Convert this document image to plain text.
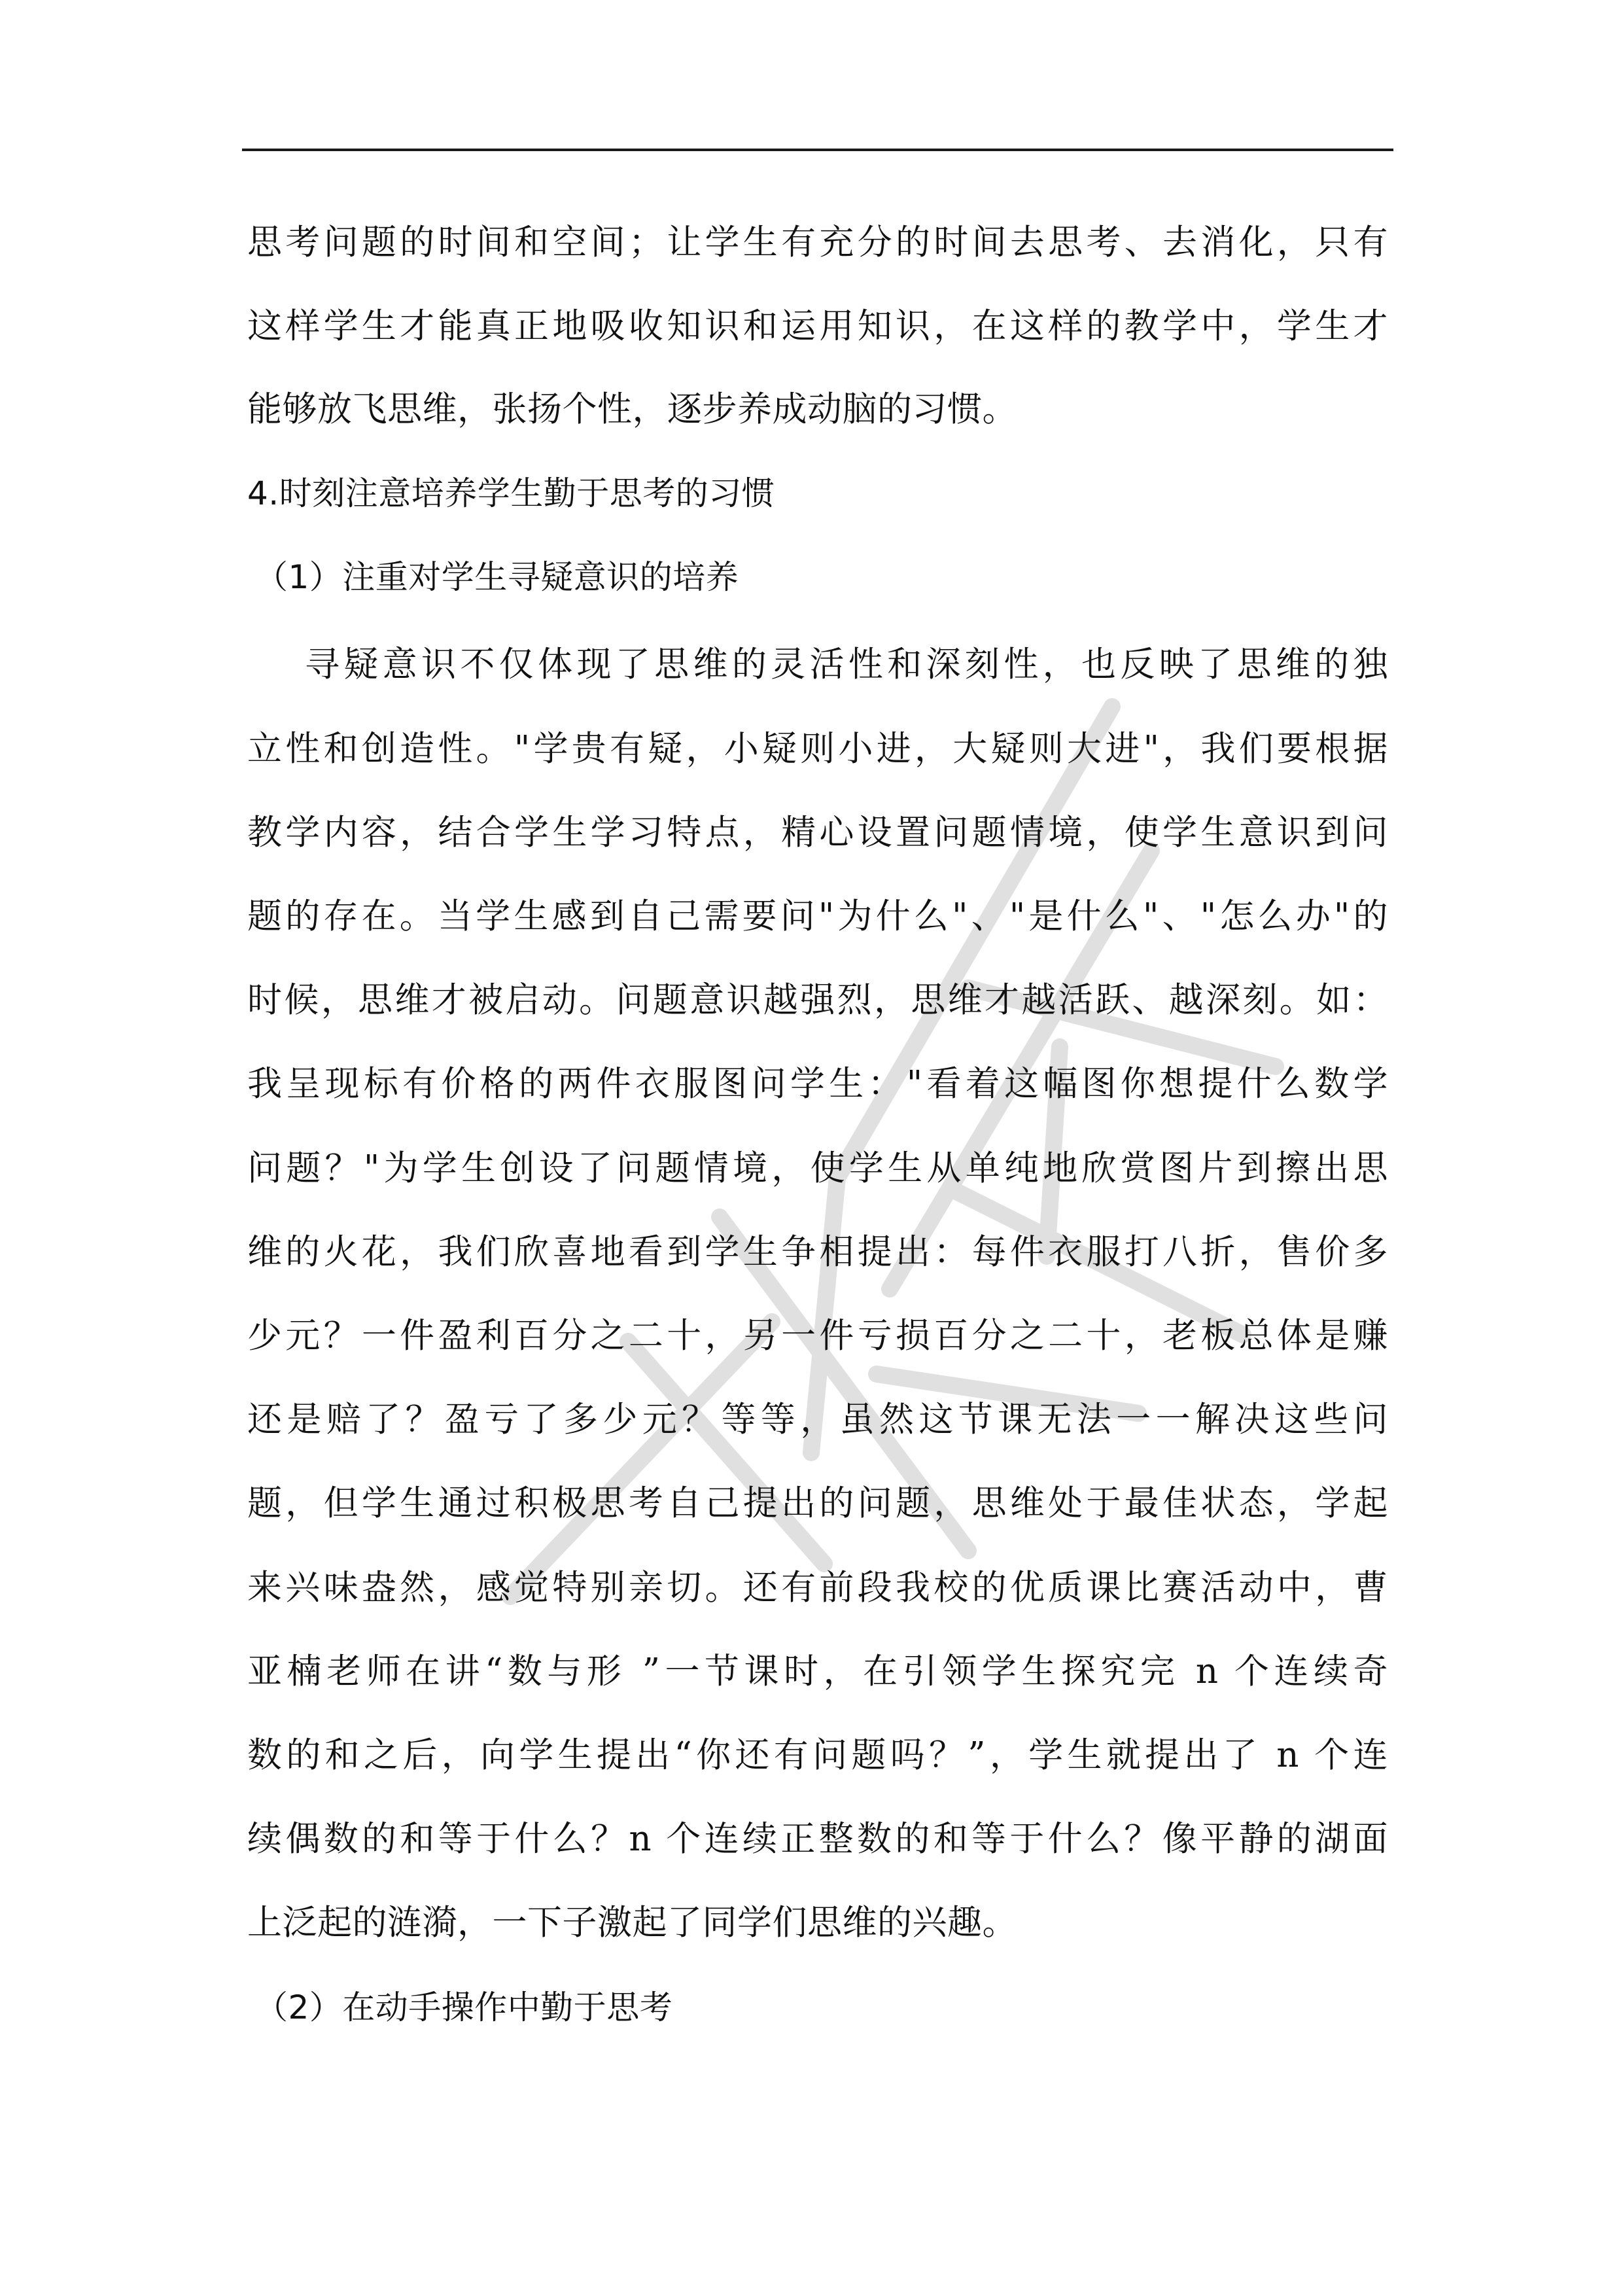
思考问题的时间和空间；让学生有充分的时间去思考、去消化，只有

这样学生才能真正地吸收知识和运用知识，在这样的教学中，学生才

能够放飞思维，张扬个性，逐步养成动脑的习惯。

4.时刻注意培养学生勤于思考的习惯

（1）注重对学生寻疑意识的培养

寻疑意识不仅体现了思维的灵活性和深刻性，也反映了思维的独

立性和创造性。"学贵有疑，小疑则小进，大疑则大进"，我们要根据

教学内容，结合学生学习特点，精心设置问题情境，使学生意识到问

题的存在。当学生感到自己需要问"为什么"、"是什么"、"怎么办"的

时候，思维才被启动。问题意识越强烈，思维才越活跃、越深刻。如：

我呈现标有价格的两件衣服图问学生："看着这幅图你想提什么数学

问题？"为学生创设了问题情境，使学生从单纯地欣赏图片到擦出思

维的火花，我们欣喜地看到学生争相提出：每件衣服打八折，售价多

少元？一件盈利百分之二十，另一件亏损百分之二十，老板总体是赚

还是赔了？盈亏了多少元？等等，虽然这节课无法一一解决这些问

题，但学生通过积极思考自己提出的问题，思维处于最佳状态，学起

来兴味盎然，感觉特别亲切。还有前段我校的优质课比赛活动中，曹

亚楠老师在讲“数与形 ”一节课时，在引领学生探究完 n 个连续奇

数的和之后，向学生提出“你还有问题吗？”，学生就提出了 n 个连

续偶数的和等于什么？n 个连续正整数的和等于什么？像平静的湖面

上泛起的涟漪，一下子激起了同学们思维的兴趣。

（2）在动手操作中勤于思考
